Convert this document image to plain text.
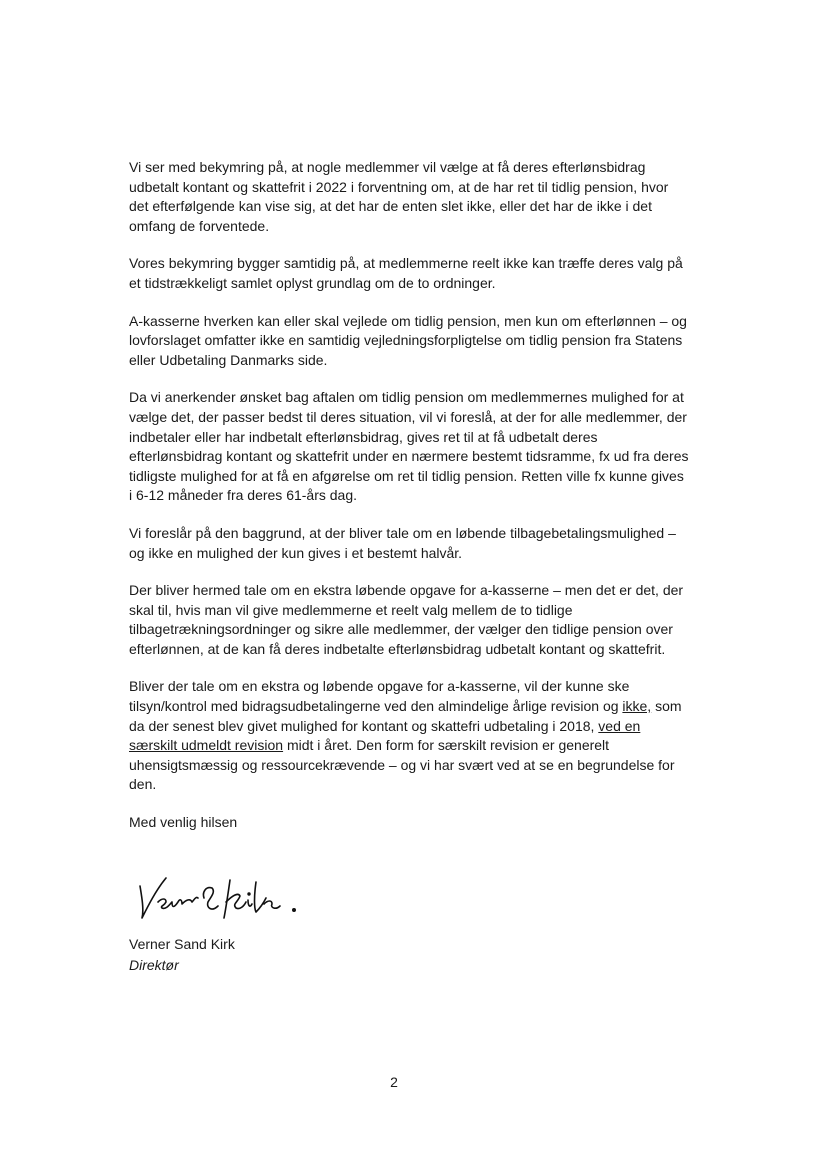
Vi ser med bekymring på, at nogle medlemmer vil vælge at få deres efterlønsbidrag udbetalt kontant og skattefrit i 2022 i forventning om, at de har ret til tidlig pension, hvor det efterfølgende kan vise sig, at det har de enten slet ikke, eller det har de ikke i det omfang de forventede.

Vores bekymring bygger samtidig på, at medlemmerne reelt ikke kan træffe deres valg på et tidstrækkeligt samlet oplyst grundlag om de to ordninger.

A-kasserne hverken kan eller skal vejlede om tidlig pension, men kun om efterlønnen – og lovforslaget omfatter ikke en samtidig vejledningsforpligtelse om tidlig pension fra Statens eller Udbetaling Danmarks side.

Da vi anerkender ønsket bag aftalen om tidlig pension om medlemmernes mulighed for at vælge det, der passer bedst til deres situation, vil vi foreslå, at der for alle medlemmer, der indbetaler eller har indbetalt efterlønsbidrag, gives ret til at få udbetalt deres efterlønsbidrag kontant og skattefrit under en nærmere bestemt tidsramme, fx ud fra deres tidligste mulighed for at få en afgørelse om ret til tidlig pension. Retten ville fx kunne gives i 6-12 måneder fra deres 61-års dag.

Vi foreslår på den baggrund, at der bliver tale om en løbende tilbagebetalingsmulighed – og ikke en mulighed der kun gives i et bestemt halvår.

Der bliver hermed tale om en ekstra løbende opgave for a-kasserne – men det er det, der skal til, hvis man vil give medlemmerne et reelt valg mellem de to tidlige tilbagetrækningsordninger og sikre alle medlemmer, der vælger den tidlige pension over efterlønnen, at de kan få deres indbetalte efterlønsbidrag udbetalt kontant og skattefrit.

Bliver der tale om en ekstra og løbende opgave for a-kasserne, vil der kunne ske tilsyn/kontrol med bidragsudbetalingerne ved den almindelige årlige revision og ikke, som da der senest blev givet mulighed for kontant og skattefri udbetaling i 2018, ved en særskilt udmeldt revision midt i året. Den form for særskilt revision er generelt uhensigtsmæssig og ressourcekrævende – og vi har svært ved at se en begrundelse for den.

Med venlig hilsen

Verner Sand Kirk
Direktør
2
